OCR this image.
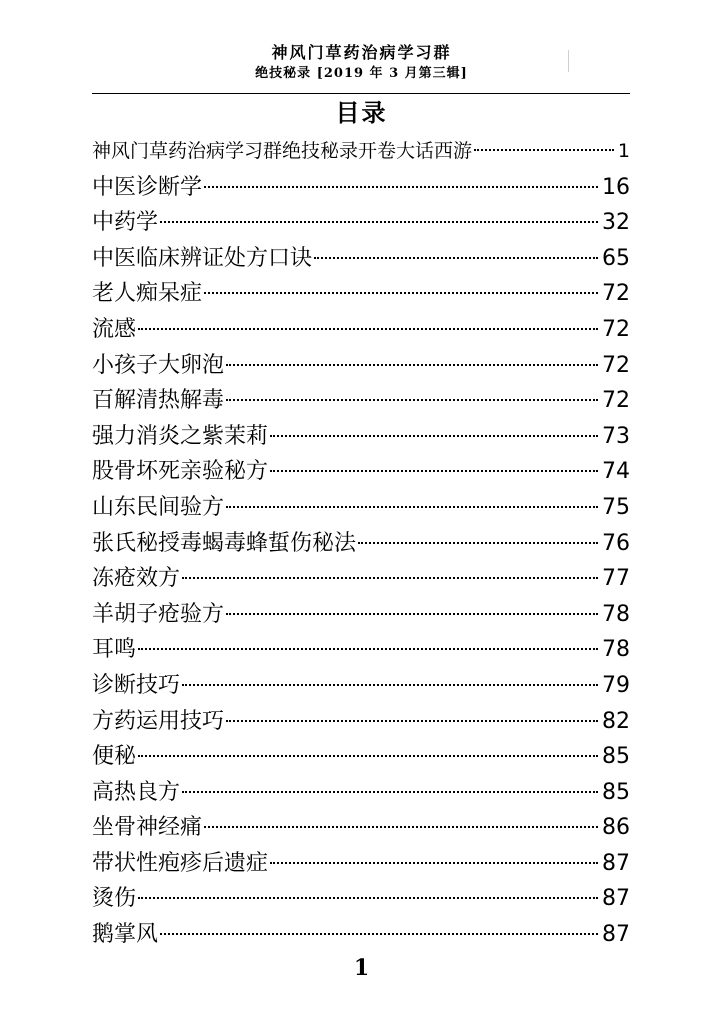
神风门草药治病学习群
绝技秘录 [2019 年 3 月第三辑]
目录
神风门草药治病学习群绝技秘录开卷大话西游	1
中医诊断学	16
中药学	32
中医临床辨证处方口诀	65
老人痴呆症	72
流感	72
小孩子大卵泡	72
百解清热解毒	72
强力消炎之紫茉莉	73
股骨坏死亲验秘方	74
山东民间验方	75
张氏秘授毒蝎毒蜂蜇伤秘法	76
冻疮效方	77
羊胡子疮验方	78
耳鸣	78
诊断技巧	79
方药运用技巧	82
便秘	85
高热良方	85
坐骨神经痛	86
带状性疱疹后遗症	87
烫伤	87
鹅掌风	87
1
